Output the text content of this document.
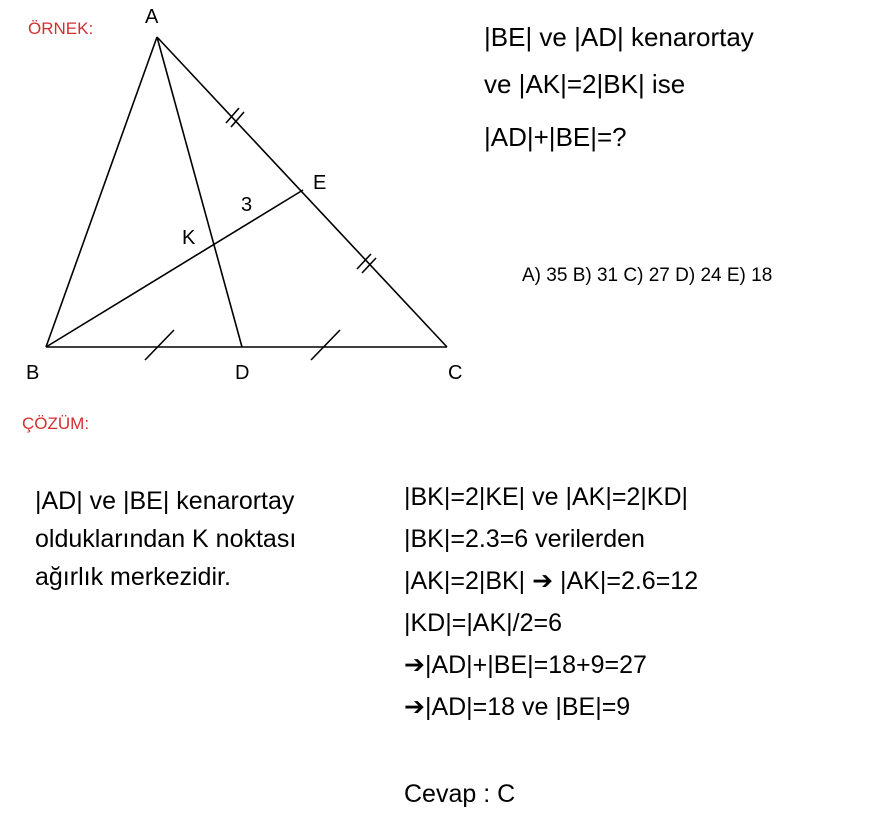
ÖRNEK:
ÇÖZÜM:
A
B	C
D
E
K
3
|BE| ve |AD| kenarortay
ve |AK|=2|BK| ise
|AD|+|BE|=?
A) 35 B) 31 C) 27 D) 24 E) 18
|AD| ve |BE| kenarortay
olduklarından K noktası
ağırlık merkezidir.
|BK|=2|KE| ve |AK|=2|KD|
|BK|=2.3=6 verilerden
|AK|=2|BK| ➔ |AK|=2.6=12
|KD|=|AK|/2=6
➔|AD|+|BE|=18+9=27
➔|AD|=18 ve |BE|=9
Cevap : C
